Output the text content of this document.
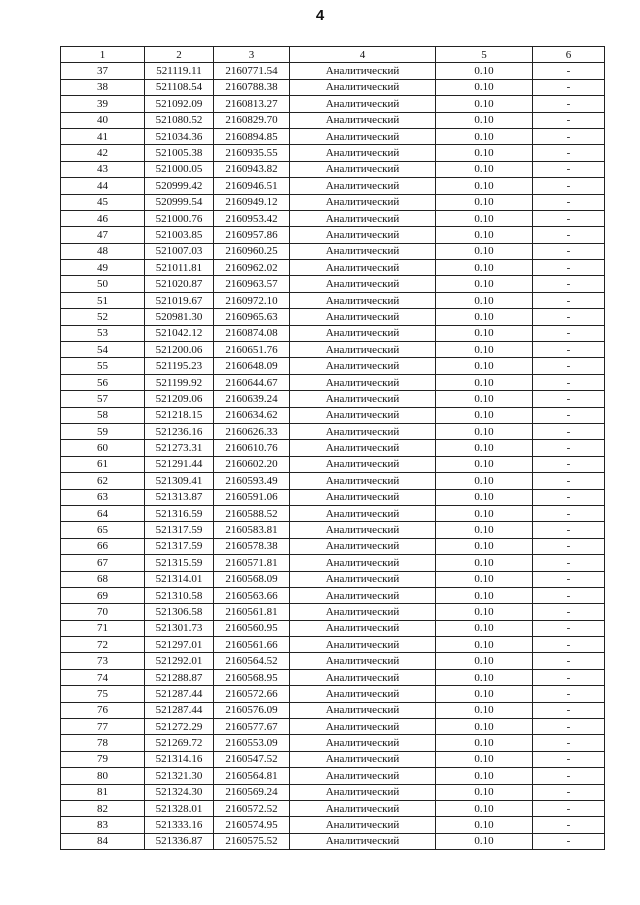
4
1	2	3	4	5	6
37	521119.11	2160771.54	Аналитический	0.10	-
38	521108.54	2160788.38	Аналитический	0.10	-
39	521092.09	2160813.27	Аналитический	0.10	-
40	521080.52	2160829.70	Аналитический	0.10	-
41	521034.36	2160894.85	Аналитический	0.10	-
42	521005.38	2160935.55	Аналитический	0.10	-
43	521000.05	2160943.82	Аналитический	0.10	-
44	520999.42	2160946.51	Аналитический	0.10	-
45	520999.54	2160949.12	Аналитический	0.10	-
46	521000.76	2160953.42	Аналитический	0.10	-
47	521003.85	2160957.86	Аналитический	0.10	-
48	521007.03	2160960.25	Аналитический	0.10	-
49	521011.81	2160962.02	Аналитический	0.10	-
50	521020.87	2160963.57	Аналитический	0.10	-
51	521019.67	2160972.10	Аналитический	0.10	-
52	520981.30	2160965.63	Аналитический	0.10	-
53	521042.12	2160874.08	Аналитический	0.10	-
54	521200.06	2160651.76	Аналитический	0.10	-
55	521195.23	2160648.09	Аналитический	0.10	-
56	521199.92	2160644.67	Аналитический	0.10	-
57	521209.06	2160639.24	Аналитический	0.10	-
58	521218.15	2160634.62	Аналитический	0.10	-
59	521236.16	2160626.33	Аналитический	0.10	-
60	521273.31	2160610.76	Аналитический	0.10	-
61	521291.44	2160602.20	Аналитический	0.10	-
62	521309.41	2160593.49	Аналитический	0.10	-
63	521313.87	2160591.06	Аналитический	0.10	-
64	521316.59	2160588.52	Аналитический	0.10	-
65	521317.59	2160583.81	Аналитический	0.10	-
66	521317.59	2160578.38	Аналитический	0.10	-
67	521315.59	2160571.81	Аналитический	0.10	-
68	521314.01	2160568.09	Аналитический	0.10	-
69	521310.58	2160563.66	Аналитический	0.10	-
70	521306.58	2160561.81	Аналитический	0.10	-
71	521301.73	2160560.95	Аналитический	0.10	-
72	521297.01	2160561.66	Аналитический	0.10	-
73	521292.01	2160564.52	Аналитический	0.10	-
74	521288.87	2160568.95	Аналитический	0.10	-
75	521287.44	2160572.66	Аналитический	0.10	-
76	521287.44	2160576.09	Аналитический	0.10	-
77	521272.29	2160577.67	Аналитический	0.10	-
78	521269.72	2160553.09	Аналитический	0.10	-
79	521314.16	2160547.52	Аналитический	0.10	-
80	521321.30	2160564.81	Аналитический	0.10	-
81	521324.30	2160569.24	Аналитический	0.10	-
82	521328.01	2160572.52	Аналитический	0.10	-
83	521333.16	2160574.95	Аналитический	0.10	-
84	521336.87	2160575.52	Аналитический	0.10	-
